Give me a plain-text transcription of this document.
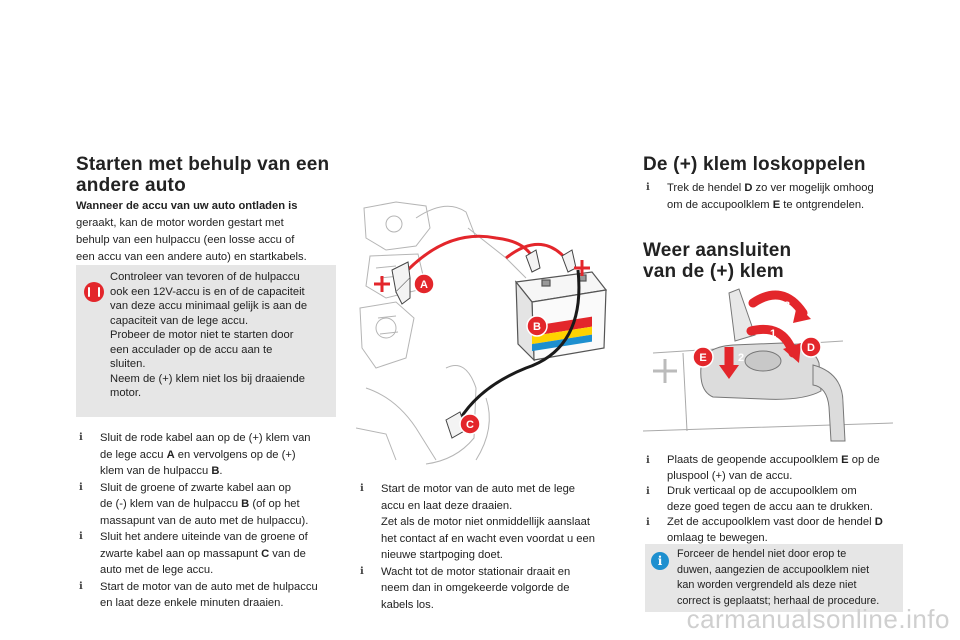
Starten met behulp van een
andere auto
Wanneer de accu van uw auto ontladen is
geraakt, kan de motor worden gestart met
behulp van een hulpaccu (een losse accu of
een accu van een andere auto) en startkabels.
Controleer van tevoren of de hulpaccu
ook een 12V-accu is en of de capaciteit
van deze accu minimaal gelijk is aan de
capaciteit van de lege accu.
Probeer de motor niet te starten door
een acculader op de accu aan te
sluiten.
Neem de (+) klem niet los bij draaiende
motor.
ℹ Sluit de rode kabel aan op de (+) klem van
de lege accu A en vervolgens op de (+)
klem van de hulpaccu B.
ℹ Sluit de groene of zwarte kabel aan op
de (-) klem van de hulpaccu B (of op het
massapunt van de auto met de hulpaccu).
ℹ Sluit het andere uiteinde van de groene of
zwarte kabel aan op massapunt C van de
auto met de lege accu.
ℹ Start de motor van de auto met de hulpaccu
en laat deze enkele minuten draaien.
A
B
C
ℹ Start de motor van de auto met de lege
accu en laat deze draaien.
Zet als de motor niet onmiddellijk aanslaat
het contact af en wacht even voordat u een
nieuwe startpoging doet.
ℹ Wacht tot de motor stationair draait en
neem dan in omgekeerde volgorde de
kabels los.
De (+) klem loskoppelen
ℹ Trek de hendel D zo ver mogelijk omhoog
om de accupoolklem E te ontgrendelen.
Weer aansluiten
van de (+) klem
3
1
2
D
E
ℹ Plaats de geopende accupoolklem E op de
pluspool (+) van de accu.
ℹ Druk verticaal op de accupoolklem om
deze goed tegen de accu aan te drukken.
ℹ Zet de accupoolklem vast door de hendel D
omlaag te bewegen.
i	Forceer de hendel niet door erop te
duwen, aangezien de accupoolklem niet
kan worden vergrendeld als deze niet
correct is geplaatst; herhaal de procedure.
carmanualsonline.info
